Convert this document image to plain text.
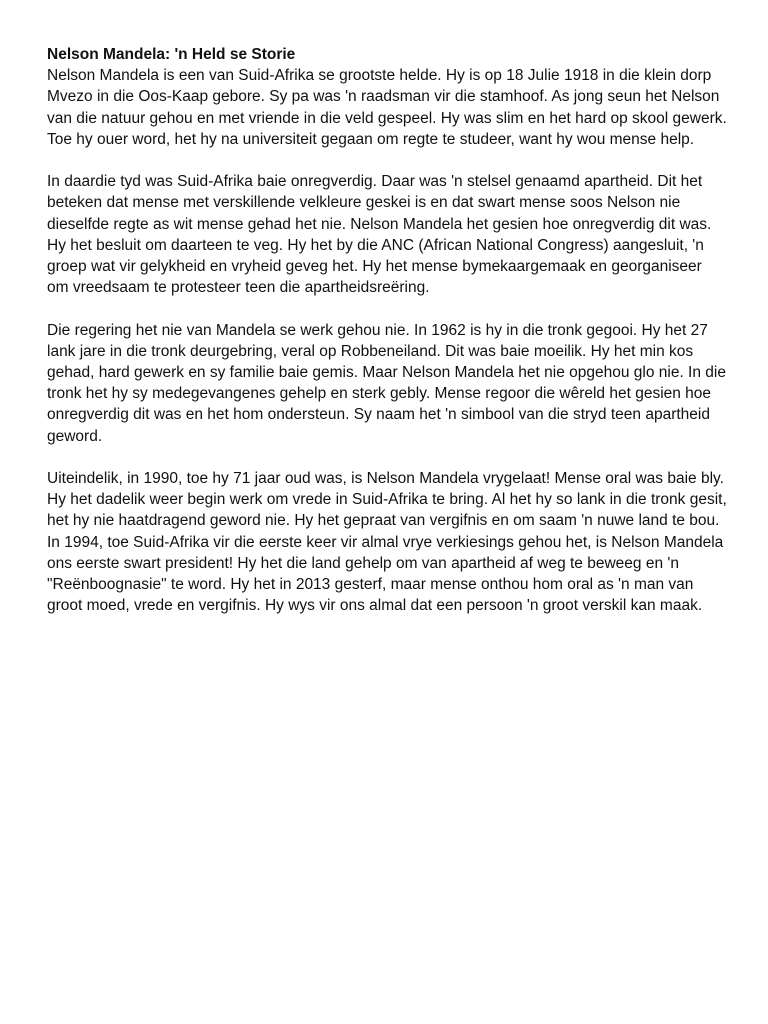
Nelson Mandela: 'n Held se Storie

Nelson Mandela is een van Suid-Afrika se grootste helde. Hy is op 18 Julie 1918 in die klein dorp Mvezo in die Oos-Kaap gebore. Sy pa was 'n raadsman vir die stamhoof. As jong seun het Nelson van die natuur gehou en met vriende in die veld gespeel. Hy was slim en het hard op skool gewerk. Toe hy ouer word, het hy na universiteit gegaan om regte te studeer, want hy wou mense help.

In daardie tyd was Suid-Afrika baie onregverdig. Daar was 'n stelsel genaamd apartheid. Dit het beteken dat mense met verskillende velkleure geskei is en dat swart mense soos Nelson nie dieselfde regte as wit mense gehad het nie. Nelson Mandela het gesien hoe onregverdig dit was. Hy het besluit om daarteen te veg. Hy het by die ANC (African National Congress) aangesluit, 'n groep wat vir gelykheid en vryheid geveg het. Hy het mense bymekaargemaak en georganiseer om vreedsaam te protesteer teen die apartheidsreëring.

Die regering het nie van Mandela se werk gehou nie. In 1962 is hy in die tronk gegooi. Hy het 27 lank jare in die tronk deurgebring, veral op Robbeneiland. Dit was baie moeilik. Hy het min kos gehad, hard gewerk en sy familie baie gemis. Maar Nelson Mandela het nie opgehou glo nie. In die tronk het hy sy medegevangenes gehelp en sterk gebly. Mense regoor die wêreld het gesien hoe onregverdig dit was en het hom ondersteun. Sy naam het 'n simbool van die stryd teen apartheid geword.

Uiteindelik, in 1990, toe hy 71 jaar oud was, is Nelson Mandela vrygelaat! Mense oral was baie bly. Hy het dadelik weer begin werk om vrede in Suid-Afrika te bring. Al het hy so lank in die tronk gesit, het hy nie haatdragend geword nie. Hy het gepraat van vergifnis en om saam 'n nuwe land te bou. In 1994, toe Suid-Afrika vir die eerste keer vir almal vrye verkiesings gehou het, is Nelson Mandela ons eerste swart president! Hy het die land gehelp om van apartheid af weg te beweeg en 'n "Reënboognasie" te word. Hy het in 2013 gesterf, maar mense onthou hom oral as 'n man van groot moed, vrede en vergifnis. Hy wys vir ons almal dat een persoon 'n groot verskil kan maak.
